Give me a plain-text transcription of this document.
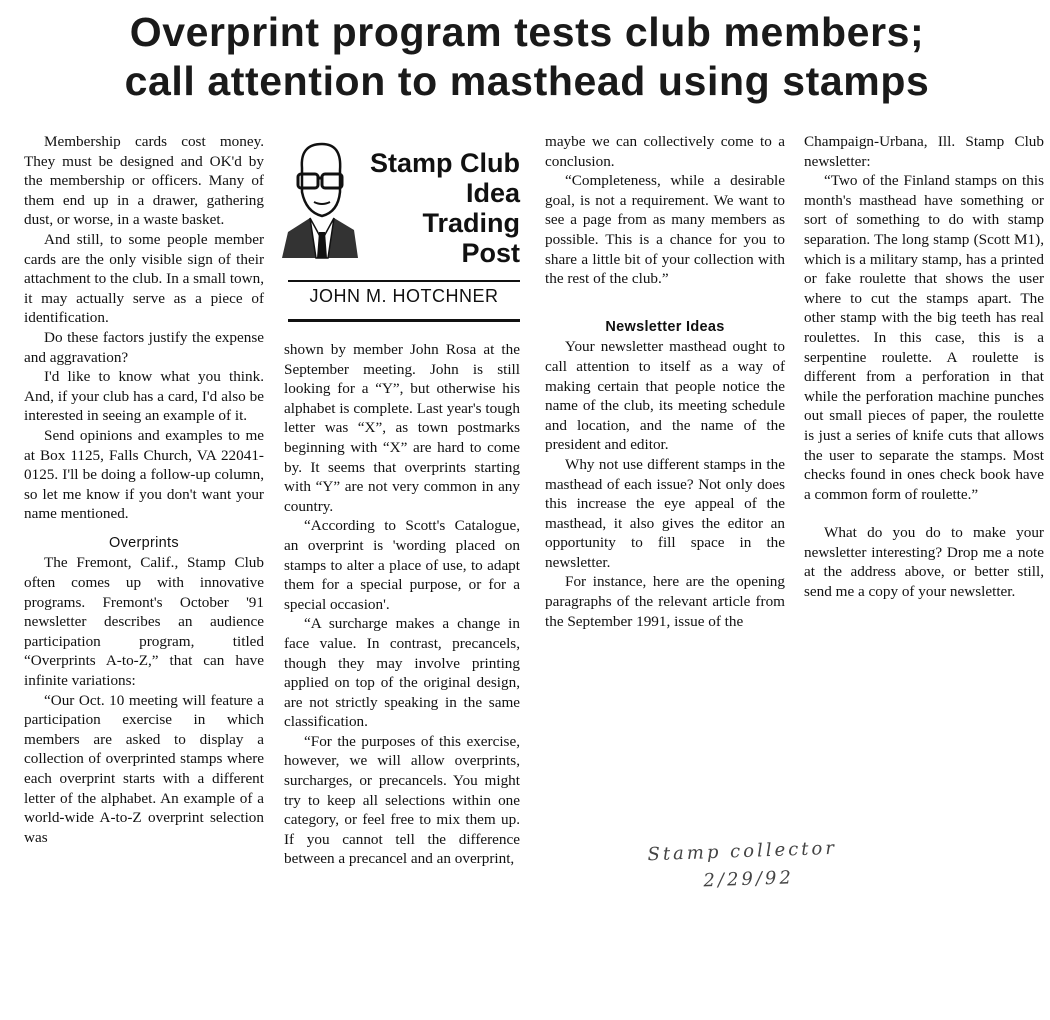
Overprint program tests club members;
call attention to masthead using stamps

Membership cards cost money. They must be designed and OK'd by the membership or officers. Many of them end up in a drawer, gathering dust, or worse, in a waste basket.

And still, to some people member cards are the only visible sign of their attachment to the club. In a small town, it may actually serve as a piece of identification.

Do these factors justify the expense and aggravation?

I'd like to know what you think. And, if your club has a card, I'd also be interested in seeing an example of it.

Send opinions and examples to me at Box 1125, Falls Church, VA 22041-0125. I'll be doing a follow-up column, so let me know if you don't want your name mentioned.

Overprints

The Fremont, Calif., Stamp Club often comes up with innovative programs. Fremont's October '91 newsletter describes an audience participation program, titled “Overprints A-to-Z,” that can have infinite variations:

“Our Oct. 10 meeting will feature a participation exercise in which members are asked to display a collection of overprinted stamps where each overprint starts with a different letter of the alphabet. An example of a world-wide A-to-Z overprint selection was

Stamp Club
Idea
Trading
Post
JOHN M. HOTCHNER

shown by member John Rosa at the September meeting. John is still looking for a “Y”, but otherwise his alphabet is complete. Last year's tough letter was “X”, as town postmarks beginning with “X” are hard to come by. It seems that overprints starting with “Y” are not very common in any country.

“According to Scott's Catalogue, an overprint is 'wording placed on stamps to alter a place of use, to adapt them for a special purpose, or for a special occasion'.

“A surcharge makes a change in face value. In contrast, precancels, though they may involve printing applied on top of the original design, are not strictly speaking in the same classification.

“For the purposes of this exercise, however, we will allow overprints, surcharges, or precancels. You might try to keep all selections within one category, or feel free to mix them up. If you cannot tell the difference between a precancel and an overprint,

maybe we can collectively come to a conclusion.

“Completeness, while a desirable goal, is not a requirement. We want to see a page from as many members as possible. This is a chance for you to share a little bit of your collection with the rest of the club.”

Newsletter Ideas

Your newsletter masthead ought to call attention to itself as a way of making certain that people notice the name of the club, its meeting schedule and location, and the name of the president and editor.

Why not use different stamps in the masthead of each issue? Not only does this increase the eye appeal of the masthead, it also gives the editor an opportunity to fill space in the newsletter.

For instance, here are the opening paragraphs of the relevant article from the September 1991, issue of the

Champaign-Urbana, Ill. Stamp Club newsletter:

“Two of the Finland stamps on this month's masthead have something or sort of something to do with stamp separation. The long stamp (Scott M1), which is a military stamp, has a printed or fake roulette that shows the user where to cut the stamps apart. The other stamp with the big teeth has real roulettes. In this case, this is a serpentine roulette. A roulette is different from a perforation in that while the perforation machine punches out small pieces of paper, the roulette is just a series of knife cuts that allows the user to separate the stamps. Most checks found in ones check book have a common form of roulette.”

What do you do to make your newsletter interesting? Drop me a note at the address above, or better still, send me a copy of your newsletter.

Stamp collector
2/29/92
